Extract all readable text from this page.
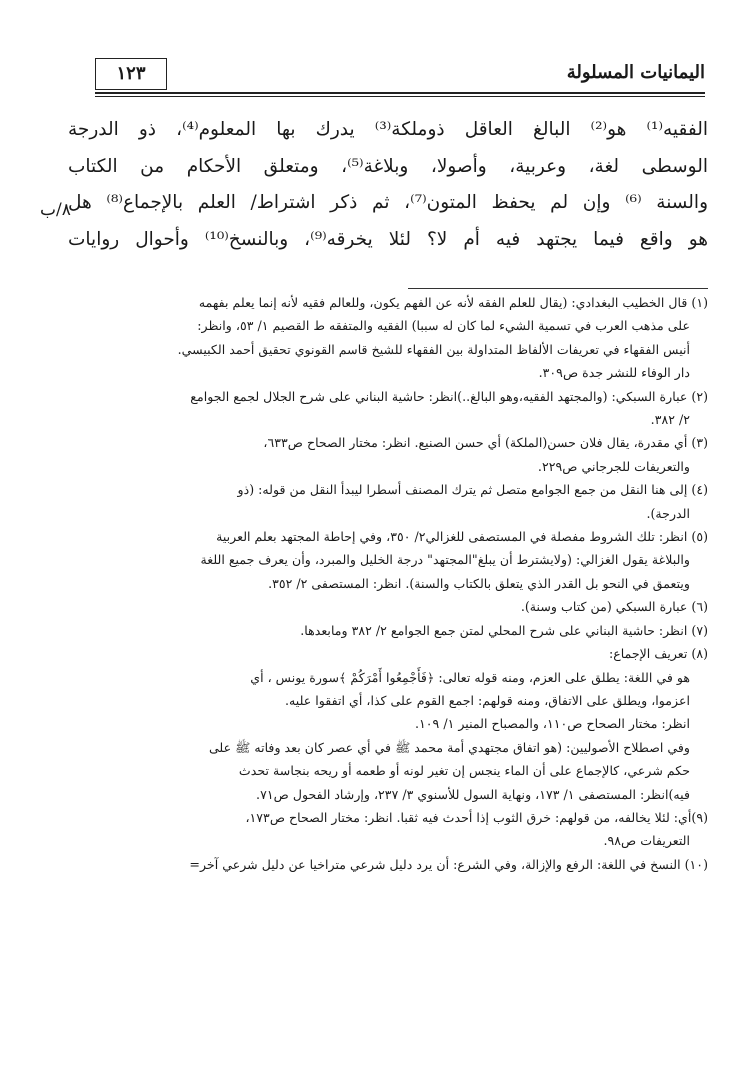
اليمانيات المسلولة
١٢٣
الفقيه⁽¹⁾ هو⁽²⁾ البالغ العاقل ذوملكة⁽³⁾ يدرك بها المعلوم⁽⁴⁾، ذو الدرجة
الوسطى لغة، وعربية، وأصولا، وبلاغة⁽⁵⁾، ومتعلق الأحكام من الكتاب
والسنة ⁽⁶⁾ وإن لم يحفظ المتون⁽⁷⁾، ثم ذكر اشتراط/ العلم بالإجماع⁽⁸⁾ هل
هو واقع فيما يجتهد فيه أم لا؟ لئلا يخرقه⁽⁹⁾، وبالنسخ⁽¹⁰⁾ وأحوال روايات
٨/ب
(١) قال الخطيب البغدادي: (يقال للعلم الفقه لأنه عن الفهم يكون، وللعالم فقيه لأنه إنما يعلم بفهمه
على مذهب العرب في تسمية الشيء لما كان له سببا) الفقيه والمتفقه ط القصيم ١/ ٥٣، وانظر:
أنيس الفقهاء في تعريفات الألفاظ المتداولة بين الفقهاء للشيخ قاسم القونوي تحقيق أحمد الكبيسي.
دار الوفاء للنشر جدة ص٣٠٩.
(٢) عبارة السبكي: (والمجتهد الفقيه،وهو البالغ..)انظر: حاشية البناني على شرح الجلال لجمع الجوامع
٢/ ٣٨٢.
(٣) أي مقدرة، يقال فلان حسن(الملكة) أي حسن الصنيع. انظر: مختار الصحاح ص٦٣٣،
والتعريفات للجرجاني ص٢٢٩.
(٤) إلى هنا النقل من جمع الجوامع متصل ثم يترك المصنف أسطرا ليبدأ النقل من قوله: (ذو
الدرجة).
(٥) انظر: تلك الشروط مفصلة في المستصفى للغزالي٢/ ٣٥٠، وفي إحاطة المجتهد بعلم العربية
والبلاغة يقول الغزالي: (ولايشترط أن يبلغ"المجتهد" درجة الخليل والمبرد، وأن يعرف جميع اللغة
ويتعمق في النحو بل القدر الذي يتعلق بالكتاب والسنة). انظر: المستصفى ٢/ ٣٥٢.
(٦) عبارة السبكي (من كتاب وسنة).
(٧) انظر: حاشية البناني على شرح المحلي لمتن جمع الجوامع ٢/ ٣٨٢ ومابعدها.
(٨) تعريف الإجماع:
هو في اللغة: يطلق على العزم، ومنه قوله تعالى: ﴿فَأَجْمِعُوا أَمْرَكُمْ ﴾سورة يونس ، أي
اعزموا، ويطلق على الاتفاق، ومنه قولهم: اجمع القوم على كذا، أي اتفقوا عليه.
انظر: مختار الصحاح ص١١٠، والمصباح المنير ١/ ١٠٩.
وفي اصطلاح الأصوليين: (هو اتفاق مجتهدي أمة محمد ﷺ في أي عصر كان بعد وفاته ﷺ على
حكم شرعي، كالإجماع على أن الماء ينجس إن تغير لونه أو طعمه أو ريحه بنجاسة تحدث
فيه)انظر: المستصفى ١/ ١٧٣، ونهاية السول للأسنوي ٣/ ٢٣٧، وإرشاد الفحول ص٧١.
(٩)أي: لئلا يخالفه، من قولهم: خرق الثوب إذا أحدث فيه ثقبا. انظر: مختار الصحاح ص١٧٣،
التعريفات ص٩٨.
(١٠) النسخ في اللغة: الرفع والإزالة، وفي الشرع: أن يرد دليل شرعي متراخيا عن دليل شرعي آخر=
